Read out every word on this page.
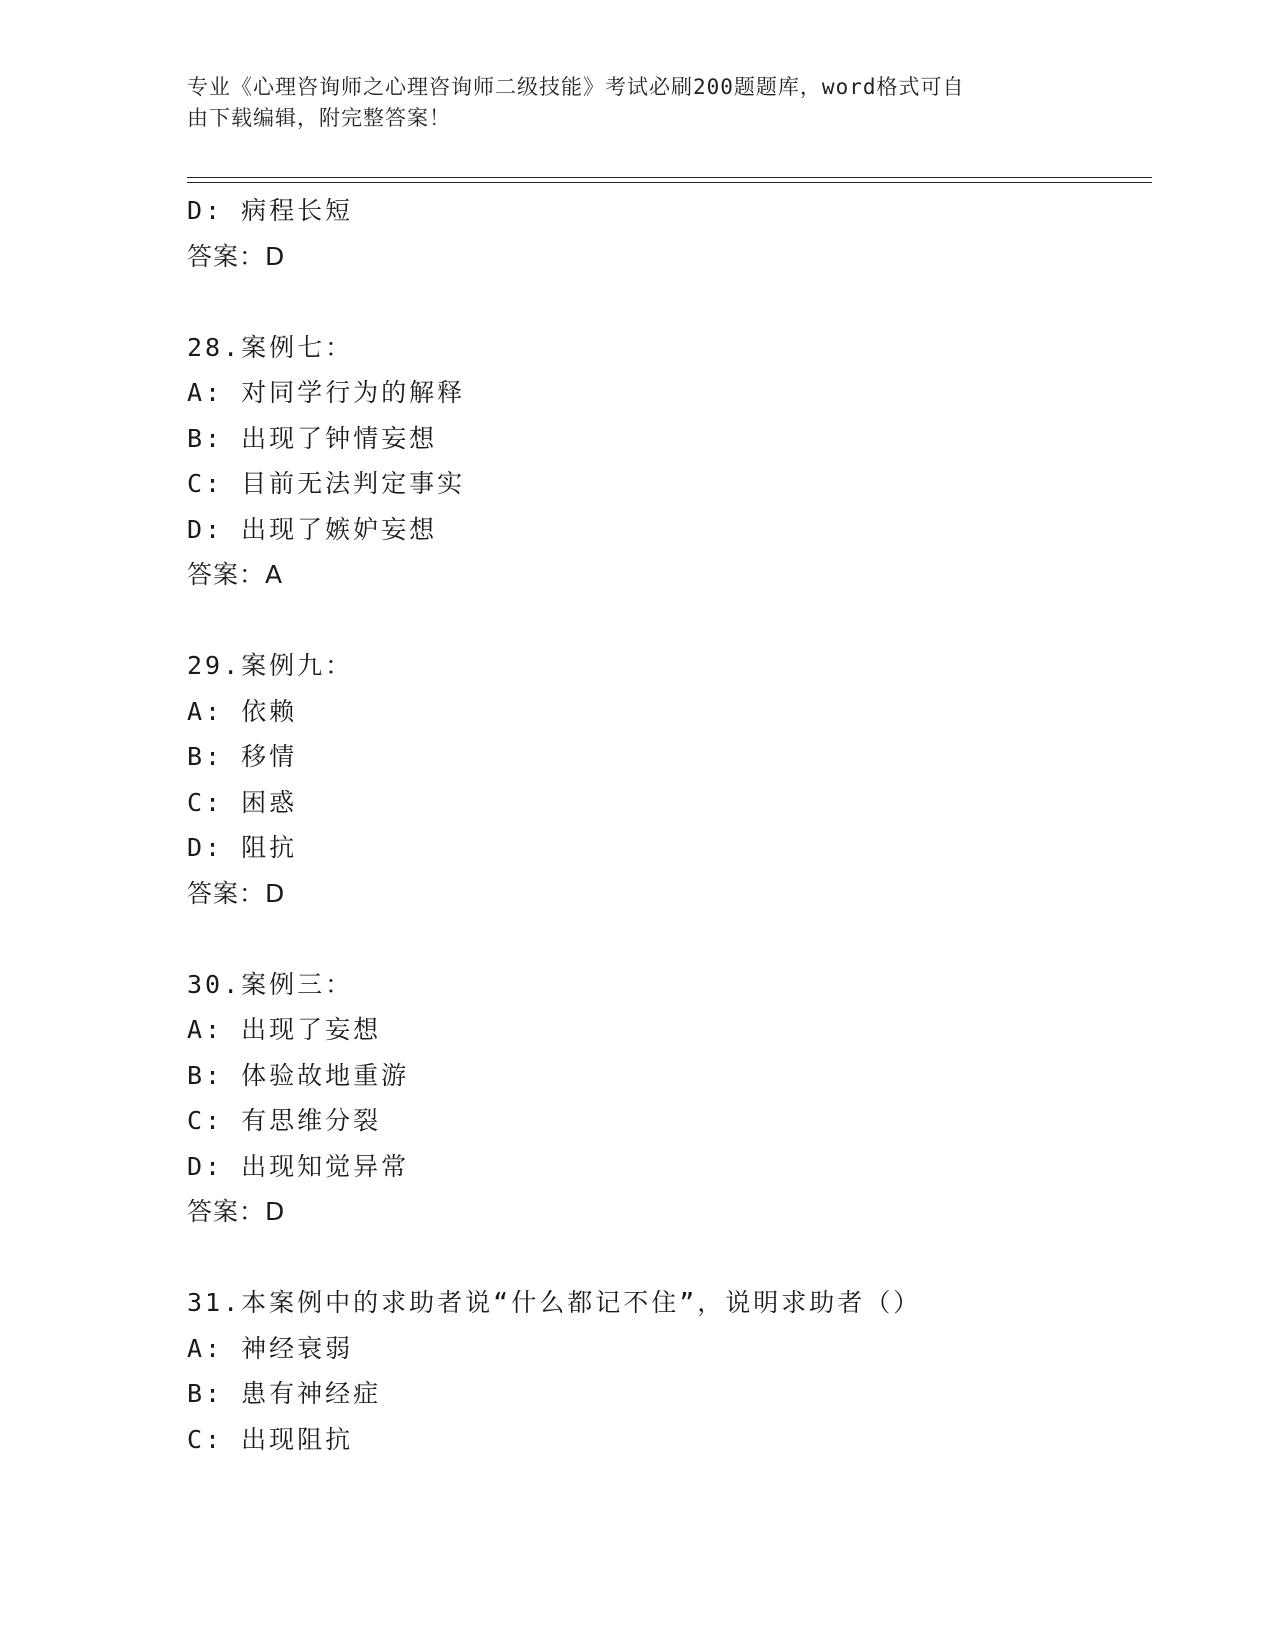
专业《心理咨询师之心理咨询师二级技能》考试必刷200题题库，word格式可自
由下载编辑，附完整答案！
D: 病程长短
答案：D
28.案例七：
A: 对同学行为的解释
B: 出现了钟情妄想
C: 目前无法判定事实
D: 出现了嫉妒妄想
答案：A
29.案例九：
A: 依赖
B: 移情
C: 困惑
D: 阻抗
答案：D
30.案例三：
A: 出现了妄想
B: 体验故地重游
C: 有思维分裂
D: 出现知觉异常
答案：D
31.本案例中的求助者说“什么都记不住”，说明求助者（）
A: 神经衰弱
B: 患有神经症
C: 出现阻抗
